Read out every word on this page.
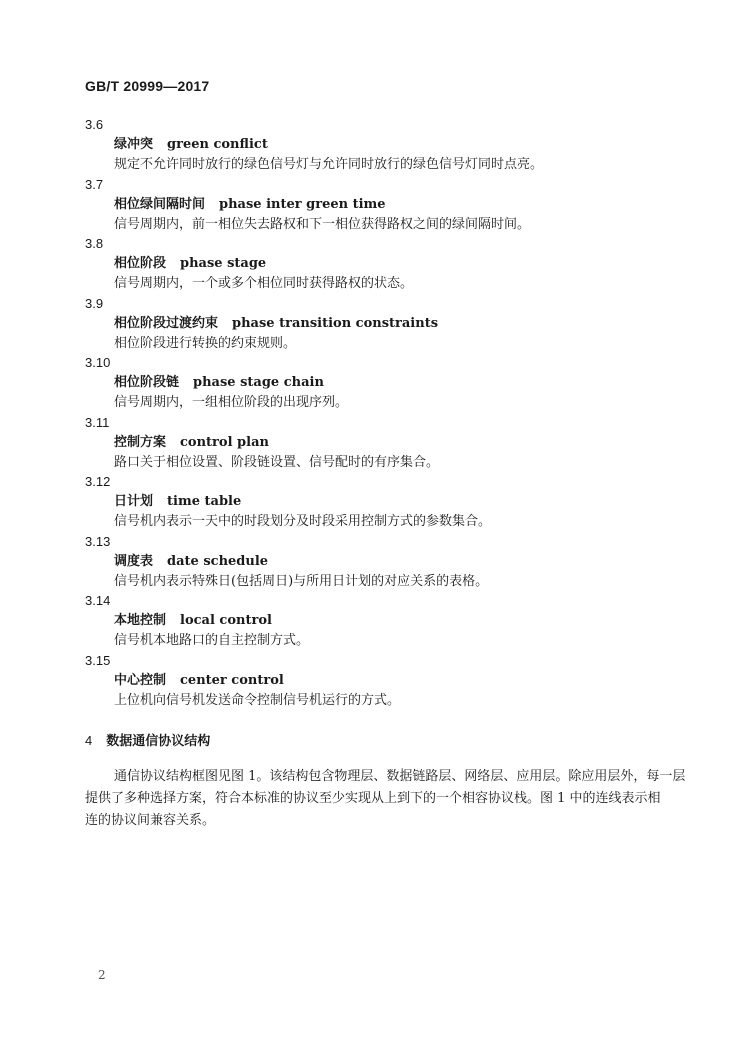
GB/T 20999—2017
3.6
绿冲突 green conflict
规定不允许同时放行的绿色信号灯与允许同时放行的绿色信号灯同时点亮。
3.7
相位绿间隔时间 phase inter green time
信号周期内，前一相位失去路权和下一相位获得路权之间的绿间隔时间。
3.8
相位阶段 phase stage
信号周期内，一个或多个相位同时获得路权的状态。
3.9
相位阶段过渡约束 phase transition constraints
相位阶段进行转换的约束规则。
3.10
相位阶段链 phase stage chain
信号周期内，一组相位阶段的出现序列。
3.11
控制方案 control plan
路口关于相位设置、阶段链设置、信号配时的有序集合。
3.12
日计划 time table
信号机内表示一天中的时段划分及时段采用控制方式的参数集合。
3.13
调度表 date schedule
信号机内表示特殊日(包括周日)与所用日计划的对应关系的表格。
3.14
本地控制 local control
信号机本地路口的自主控制方式。
3.15
中心控制 center control
上位机向信号机发送命令控制信号机运行的方式。
4 数据通信协议结构
通信协议结构框图见图 1。该结构包含物理层、数据链路层、网络层、应用层。除应用层外，每一层
提供了多种选择方案，符合本标准的协议至少实现从上到下的一个相容协议栈。图 1 中的连线表示相
连的协议间兼容关系。
2
